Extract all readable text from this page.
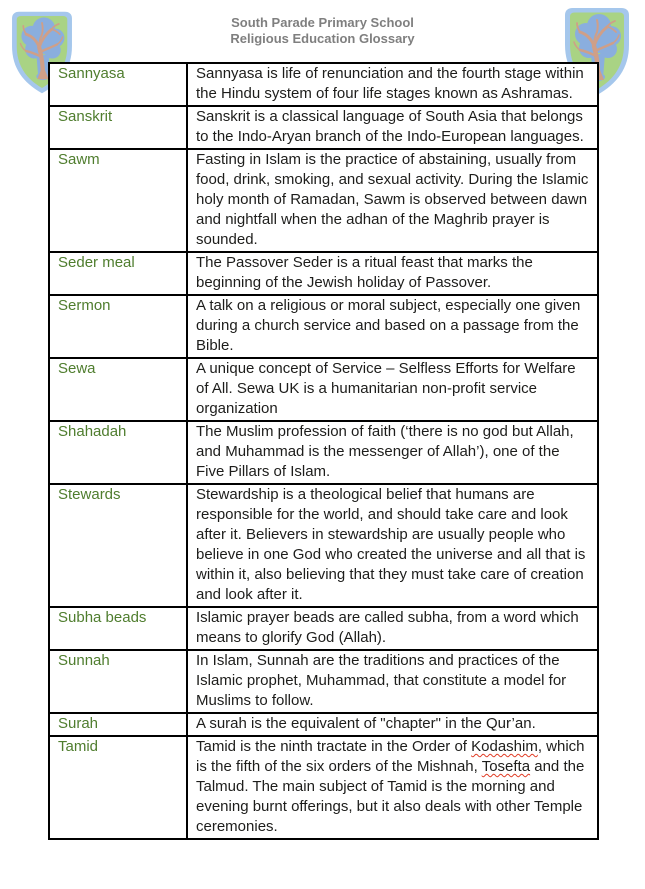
South Parade Primary School
Religious Education Glossary
Sannyasa	Sannyasa is life of renunciation and the fourth stage within the Hindu system of four life stages known as Ashramas.
Sanskrit	Sanskrit is a classical language of South Asia that belongs to the Indo-Aryan branch of the Indo-European languages.
Sawm	Fasting in Islam is the practice of abstaining, usually from food, drink, smoking, and sexual activity. During the Islamic holy month of Ramadan, Sawm is observed between dawn and nightfall when the adhan of the Maghrib prayer is sounded.
Seder meal	The Passover Seder is a ritual feast that marks the beginning of the Jewish holiday of Passover.
Sermon	A talk on a religious or moral subject, especially one given during a church service and based on a passage from the Bible.
Sewa	A unique concept of Service – Selfless Efforts for Welfare of All. Sewa UK is a humanitarian non-profit service organization
Shahadah	The Muslim profession of faith (‘there is no god but Allah, and Muhammad is the messenger of Allah’), one of the Five Pillars of Islam.
Stewards	Stewardship is a theological belief that humans are responsible for the world, and should take care and look after it. Believers in stewardship are usually people who believe in one God who created the universe and all that is within it, also believing that they must take care of creation and look after it.
Subha beads	Islamic prayer beads are called subha, from a word which means to glorify God (Allah).
Sunnah	In Islam, Sunnah are the traditions and practices of the Islamic prophet, Muhammad, that constitute a model for Muslims to follow.
Surah	A surah is the equivalent of "chapter" in the Qur’an.
Tamid	Tamid is the ninth tractate in the Order of Kodashim, which is the fifth of the six orders of the Mishnah, Tosefta and the Talmud. The main subject of Tamid is the morning and evening burnt offerings, but it also deals with other Temple ceremonies.
